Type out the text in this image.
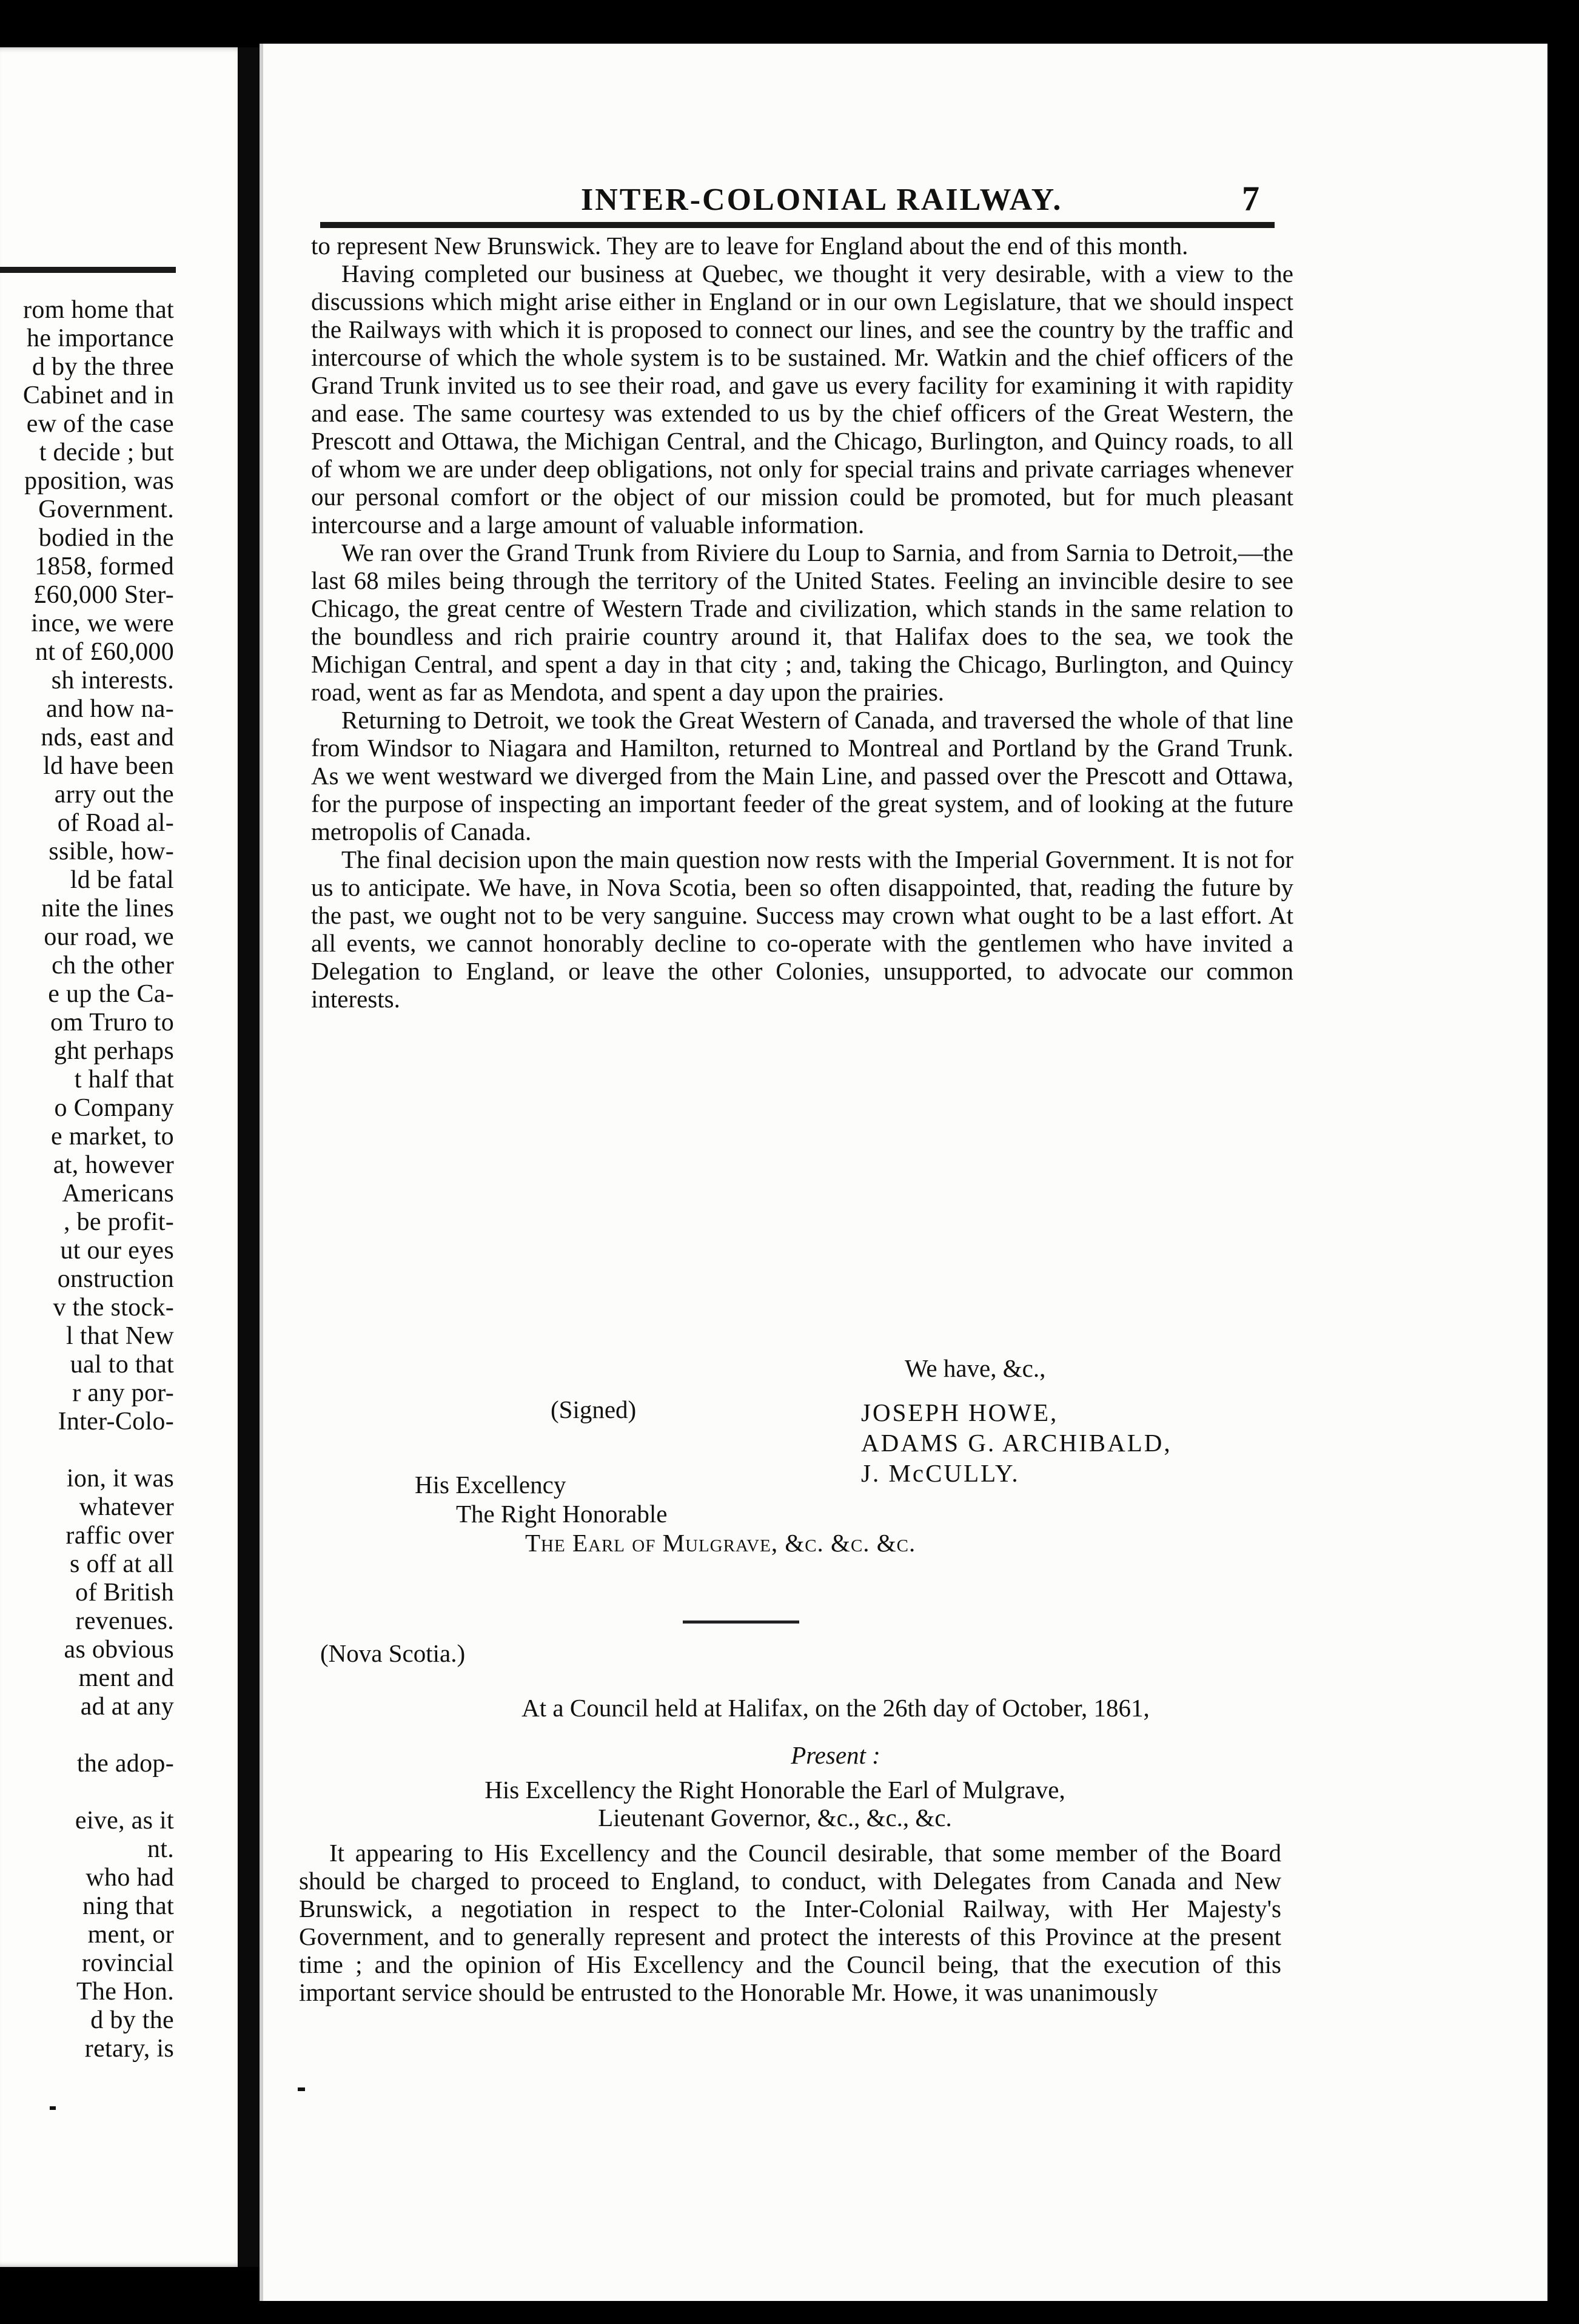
rom home that
he importance
d by the three
Cabinet and in
ew of the case
t decide ; but
pposition, was
Government.
bodied in the
1858, formed
£60,000 Ster-
ince, we were
nt of £60,000
sh interests.
and how na-
nds, east and
ld have been
arry out the
of Road al-
ssible, how-
ld be fatal
nite the lines
our road, we
ch the other
e up the Ca-
om Truro to
ght perhaps
t half that
o Company
e market, to
at, however
Americans
, be profit-
ut our eyes
onstruction
v the stock-
l that New
ual to that
r any por-
Inter-Colo-

ion, it was
whatever
raffic over
s off at all
of British
revenues.
as obvious
ment and
ad at any

the adop-

eive, as it
nt.
who had
ning that
ment, or
rovincial
The Hon.
d by the
retary, is
INTER-COLONIAL RAILWAY.	7

to represent New Brunswick. They are to leave for England about the end of this month.

Having completed our business at Quebec, we thought it very desirable, with a view to the discussions which might arise either in England or in our own Legislature, that we should inspect the Railways with which it is proposed to connect our lines, and see the country by the traffic and intercourse of which the whole system is to be sustained. Mr. Watkin and the chief officers of the Grand Trunk invited us to see their road, and gave us every facility for examining it with rapidity and ease. The same courtesy was extended to us by the chief officers of the Great Western, the Prescott and Ottawa, the Michigan Central, and the Chicago, Burlington, and Quincy roads, to all of whom we are under deep obligations, not only for special trains and private carriages whenever our personal comfort or the object of our mission could be promoted, but for much pleasant intercourse and a large amount of valuable information.

We ran over the Grand Trunk from Riviere du Loup to Sarnia, and from Sarnia to Detroit,—the last 68 miles being through the territory of the United States. Feeling an invincible desire to see Chicago, the great centre of Western Trade and civilization, which stands in the same relation to the boundless and rich prairie country around it, that Halifax does to the sea, we took the Michigan Central, and spent a day in that city ; and, taking the Chicago, Burlington, and Quincy road, went as far as Mendota, and spent a day upon the prairies.

Returning to Detroit, we took the Great Western of Canada, and traversed the whole of that line from Windsor to Niagara and Hamilton, returned to Montreal and Portland by the Grand Trunk. As we went westward we diverged from the Main Line, and passed over the Prescott and Ottawa, for the purpose of inspecting an important feeder of the great system, and of looking at the future metropolis of Canada.

The final decision upon the main question now rests with the Imperial Government. It is not for us to anticipate. We have, in Nova Scotia, been so often disappointed, that, reading the future by the past, we ought not to be very sanguine. Success may crown what ought to be a last effort. At all events, we cannot honorably decline to co-operate with the gentlemen who have invited a Delegation to England, or leave the other Colonies, unsupported, to advocate our common interests.

We have, &c.,
(Signed)	JOSEPH HOWE,
ADAMS G. ARCHIBALD,
J. McCULLY.
His Excellency
The Right Honorable
The Earl of Mulgrave, &c. &c. &c.
(Nova Scotia.)
At a Council held at Halifax, on the 26th day of October, 1861,
Present :
His Excellency the Right Honorable the Earl of Mulgrave,
Lieutenant Governor, &c., &c., &c.

It appearing to His Excellency and the Council desirable, that some member of the Board should be charged to proceed to England, to conduct, with Delegates from Canada and New Brunswick, a negotiation in respect to the Inter-Colonial Railway, with Her Majesty's Government, and to generally represent and protect the interests of this Province at the present time ; and the opinion of His Excellency and the Council being, that the execution of this important service should be entrusted to the Honorable Mr. Howe, it was unanimously
